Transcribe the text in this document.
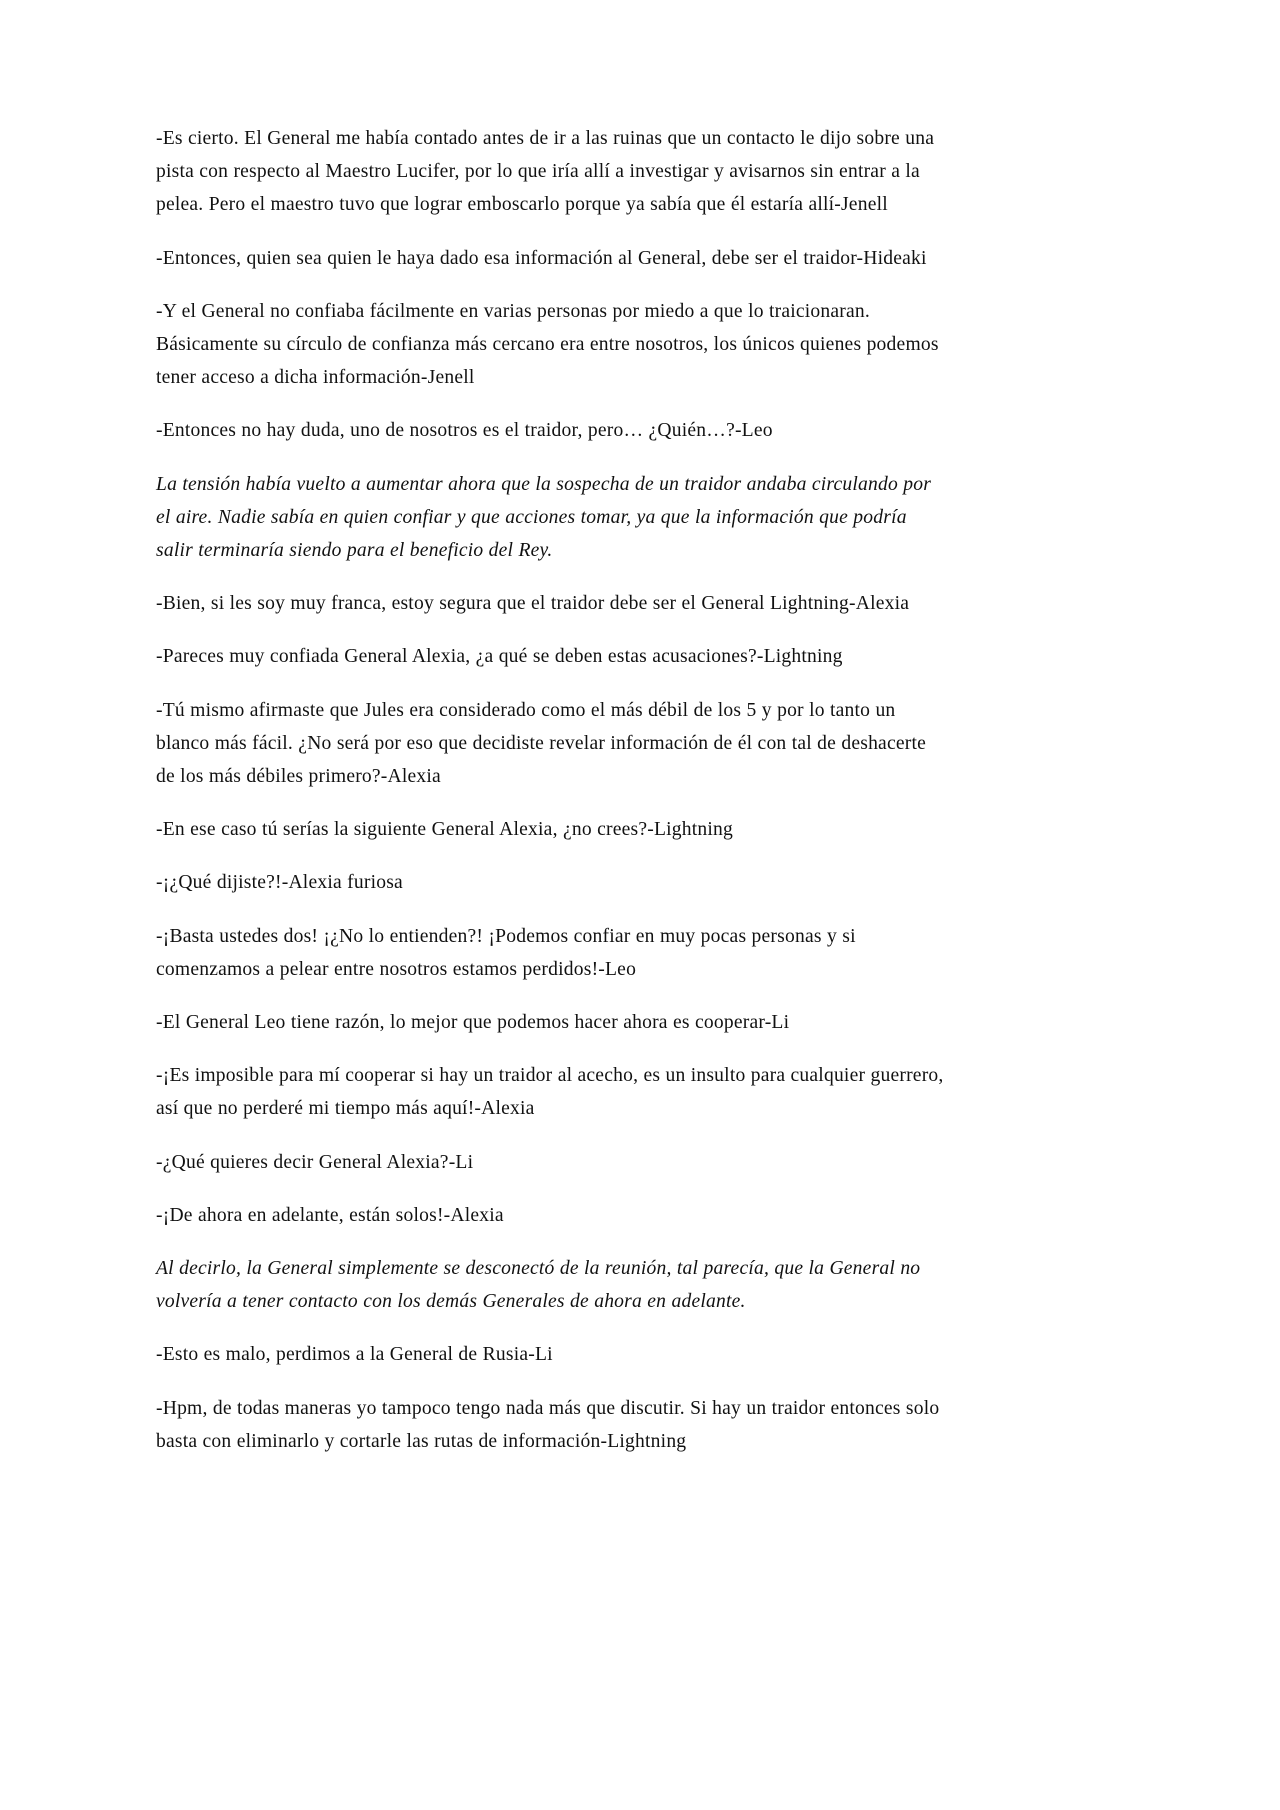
-Es cierto. El General me había contado antes de ir a las ruinas que un contacto le dijo sobre una pista con respecto al Maestro Lucifer, por lo que iría allí a investigar y avisarnos sin entrar a la pelea. Pero el maestro tuvo que lograr emboscarlo porque ya sabía que él estaría allí-Jenell

-Entonces, quien sea quien le haya dado esa información al General, debe ser el traidor-Hideaki

-Y el General no confiaba fácilmente en varias personas por miedo a que lo traicionaran. Básicamente su círculo de confianza más cercano era entre nosotros, los únicos quienes podemos tener acceso a dicha información-Jenell

-Entonces no hay duda, uno de nosotros es el traidor, pero… ¿Quién…?-Leo

La tensión había vuelto a aumentar ahora que la sospecha de un traidor andaba circulando por el aire. Nadie sabía en quien confiar y que acciones tomar, ya que la información que podría salir terminaría siendo para el beneficio del Rey.

-Bien, si les soy muy franca, estoy segura que el traidor debe ser el General Lightning-Alexia

-Pareces muy confiada General Alexia, ¿a qué se deben estas acusaciones?-Lightning

-Tú mismo afirmaste que Jules era considerado como el más débil de los 5 y por lo tanto un blanco más fácil. ¿No será por eso que decidiste revelar información de él con tal de deshacerte de los más débiles primero?-Alexia

-En ese caso tú serías la siguiente General Alexia, ¿no crees?-Lightning

-¡¿Qué dijiste?!-Alexia furiosa

-¡Basta ustedes dos! ¡¿No lo entienden?! ¡Podemos confiar en muy pocas personas y si comenzamos a pelear entre nosotros estamos perdidos!-Leo

-El General Leo tiene razón, lo mejor que podemos hacer ahora es cooperar-Li

-¡Es imposible para mí cooperar si hay un traidor al acecho, es un insulto para cualquier guerrero, así que no perderé mi tiempo más aquí!-Alexia

-¿Qué quieres decir General Alexia?-Li

-¡De ahora en adelante, están solos!-Alexia

Al decirlo, la General simplemente se desconectó de la reunión, tal parecía, que la General no volvería a tener contacto con los demás Generales de ahora en adelante.

-Esto es malo, perdimos a la General de Rusia-Li

-Hpm, de todas maneras yo tampoco tengo nada más que discutir. Si hay un traidor entonces solo basta con eliminarlo y cortarle las rutas de información-Lightning
